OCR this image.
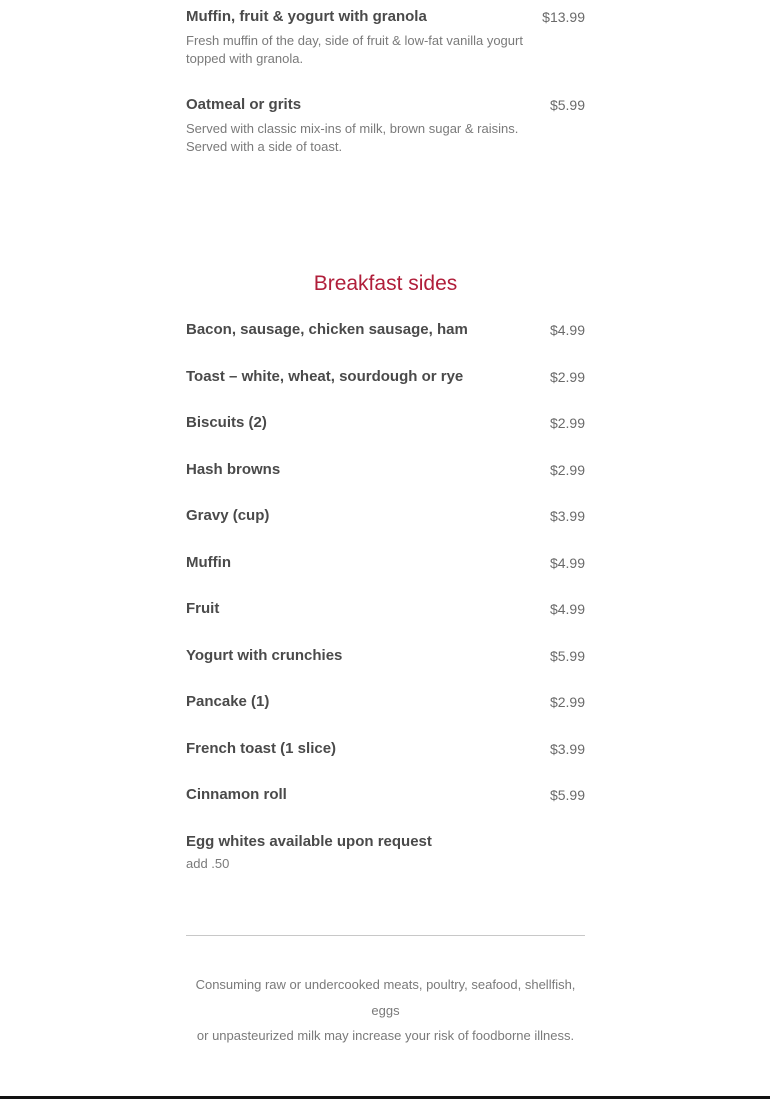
Muffin, fruit & yogurt with granola	$13.99
Fresh muffin of the day, side of fruit & low-fat vanilla yogurt topped with granola.
Oatmeal or grits	$5.99
Served with classic mix-ins of milk, brown sugar & raisins. Served with a side of toast.
Breakfast sides
Bacon, sausage, chicken sausage, ham	$4.99
Toast – white, wheat, sourdough or rye	$2.99
Biscuits (2)	$2.99
Hash browns	$2.99
Gravy (cup)	$3.99
Muffin	$4.99
Fruit	$4.99
Yogurt with crunchies	$5.99
Pancake (1)	$2.99
French toast (1 slice)	$3.99
Cinnamon roll	$5.99
Egg whites available upon request
add .50
Consuming raw or undercooked meats, poultry, seafood, shellfish, eggs
or unpasteurized milk may increase your risk of foodborne illness.
